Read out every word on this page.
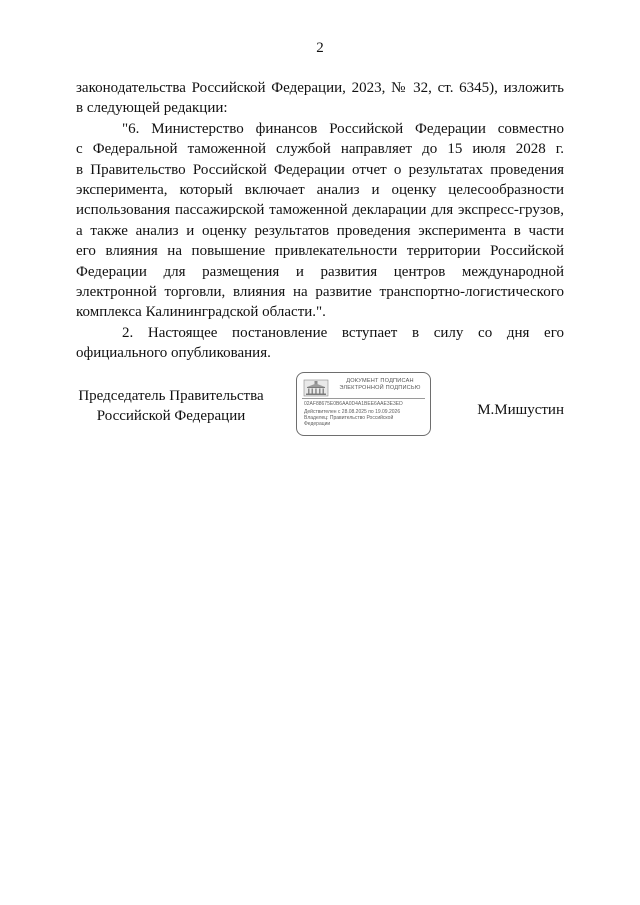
2
законодательства Российской Федерации, 2023, № 32, ст. 6345), изложить
в следующей редакции:
"6. Министерство финансов Российской Федерации совместно
с Федеральной таможенной службой направляет до 15 июля 2028 г.
в Правительство Российской Федерации отчет о результатах проведения
эксперимента, который включает анализ и оценку целесообразности
использования пассажирской таможенной декларации для экспресс-грузов,
а также анализ и оценку результатов проведения эксперимента в части
его влияния на повышение привлекательности территории Российской
Федерации для размещения и развития центров международной
электронной торговли, влияния на развитие транспортно-логистического
комплекса Калининградской области.".
2. Настоящее постановление вступает в силу со дня его
официального опубликования.
Председатель Правительства
Российской Федерации
ДОКУМЕНТ ПОДПИСАН
ЭЛЕКТРОННОЙ ПОДПИСЬЮ
02AF88675E0B6AA0D4A1BEE6AAE3E3ED
Действителен с 28.08.2025 по 19.09.2026
Владелец: Правительство Российской
Федерации
М.Мишустин
